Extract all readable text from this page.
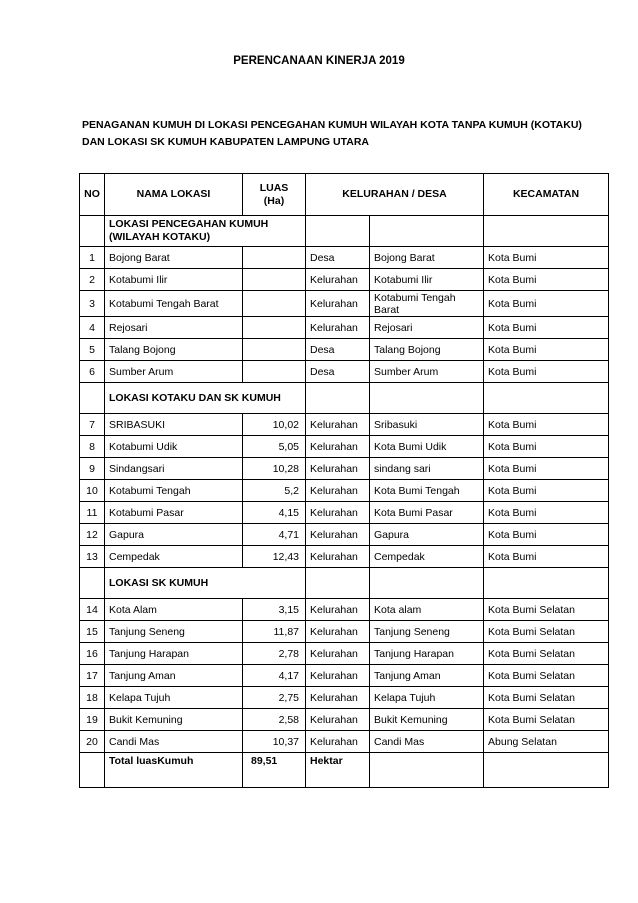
PERENCANAAN KINERJA 2019
PENAGANAN KUMUH DI LOKASI PENCEGAHAN KUMUH WILAYAH KOTA TANPA KUMUH (KOTAKU) DAN LOKASI SK KUMUH KABUPATEN LAMPUNG UTARA
NO	NAMA LOKASI	LUAS (Ha)	KELURAHAN / DESA		KECAMATAN
	LOKASI PENCEGAHAN KUMUH (WILAYAH KOTAKU)				
1	Bojong Barat		Desa	Bojong Barat	Kota Bumi
2	Kotabumi Ilir		Kelurahan	Kotabumi Ilir	Kota Bumi
3	Kotabumi Tengah Barat		Kelurahan	Kotabumi Tengah Barat	Kota Bumi
4	Rejosari		Kelurahan	Rejosari	Kota Bumi
5	Talang Bojong		Desa	Talang Bojong	Kota Bumi
6	Sumber Arum		Desa	Sumber Arum	Kota Bumi
	LOKASI KOTAKU DAN SK KUMUH				
7	SRIBASUKI	10,02	Kelurahan	Sribasuki	Kota Bumi
8	Kotabumi Udik	5,05	Kelurahan	Kota Bumi Udik	Kota Bumi
9	Sindangsari	10,28	Kelurahan	sindang sari	Kota Bumi
10	Kotabumi Tengah	5,2	Kelurahan	Kota Bumi Tengah	Kota Bumi
11	Kotabumi Pasar	4,15	Kelurahan	Kota Bumi Pasar	Kota Bumi
12	Gapura	4,71	Kelurahan	Gapura	Kota Bumi
13	Cempedak	12,43	Kelurahan	Cempedak	Kota Bumi
	LOKASI SK KUMUH				
14	Kota Alam	3,15	Kelurahan	Kota alam	Kota Bumi Selatan
15	Tanjung Seneng	11,87	Kelurahan	Tanjung Seneng	Kota Bumi Selatan
16	Tanjung Harapan	2,78	Kelurahan	Tanjung Harapan	Kota Bumi Selatan
17	Tanjung Aman	4,17	Kelurahan	Tanjung Aman	Kota Bumi Selatan
18	Kelapa Tujuh	2,75	Kelurahan	Kelapa Tujuh	Kota Bumi Selatan
19	Bukit Kemuning	2,58	Kelurahan	Bukit Kemuning	Kota Bumi Selatan
20	Candi Mas	10,37	Kelurahan	Candi Mas	Abung Selatan
	Total luasKumuh	89,51	Hektar		
